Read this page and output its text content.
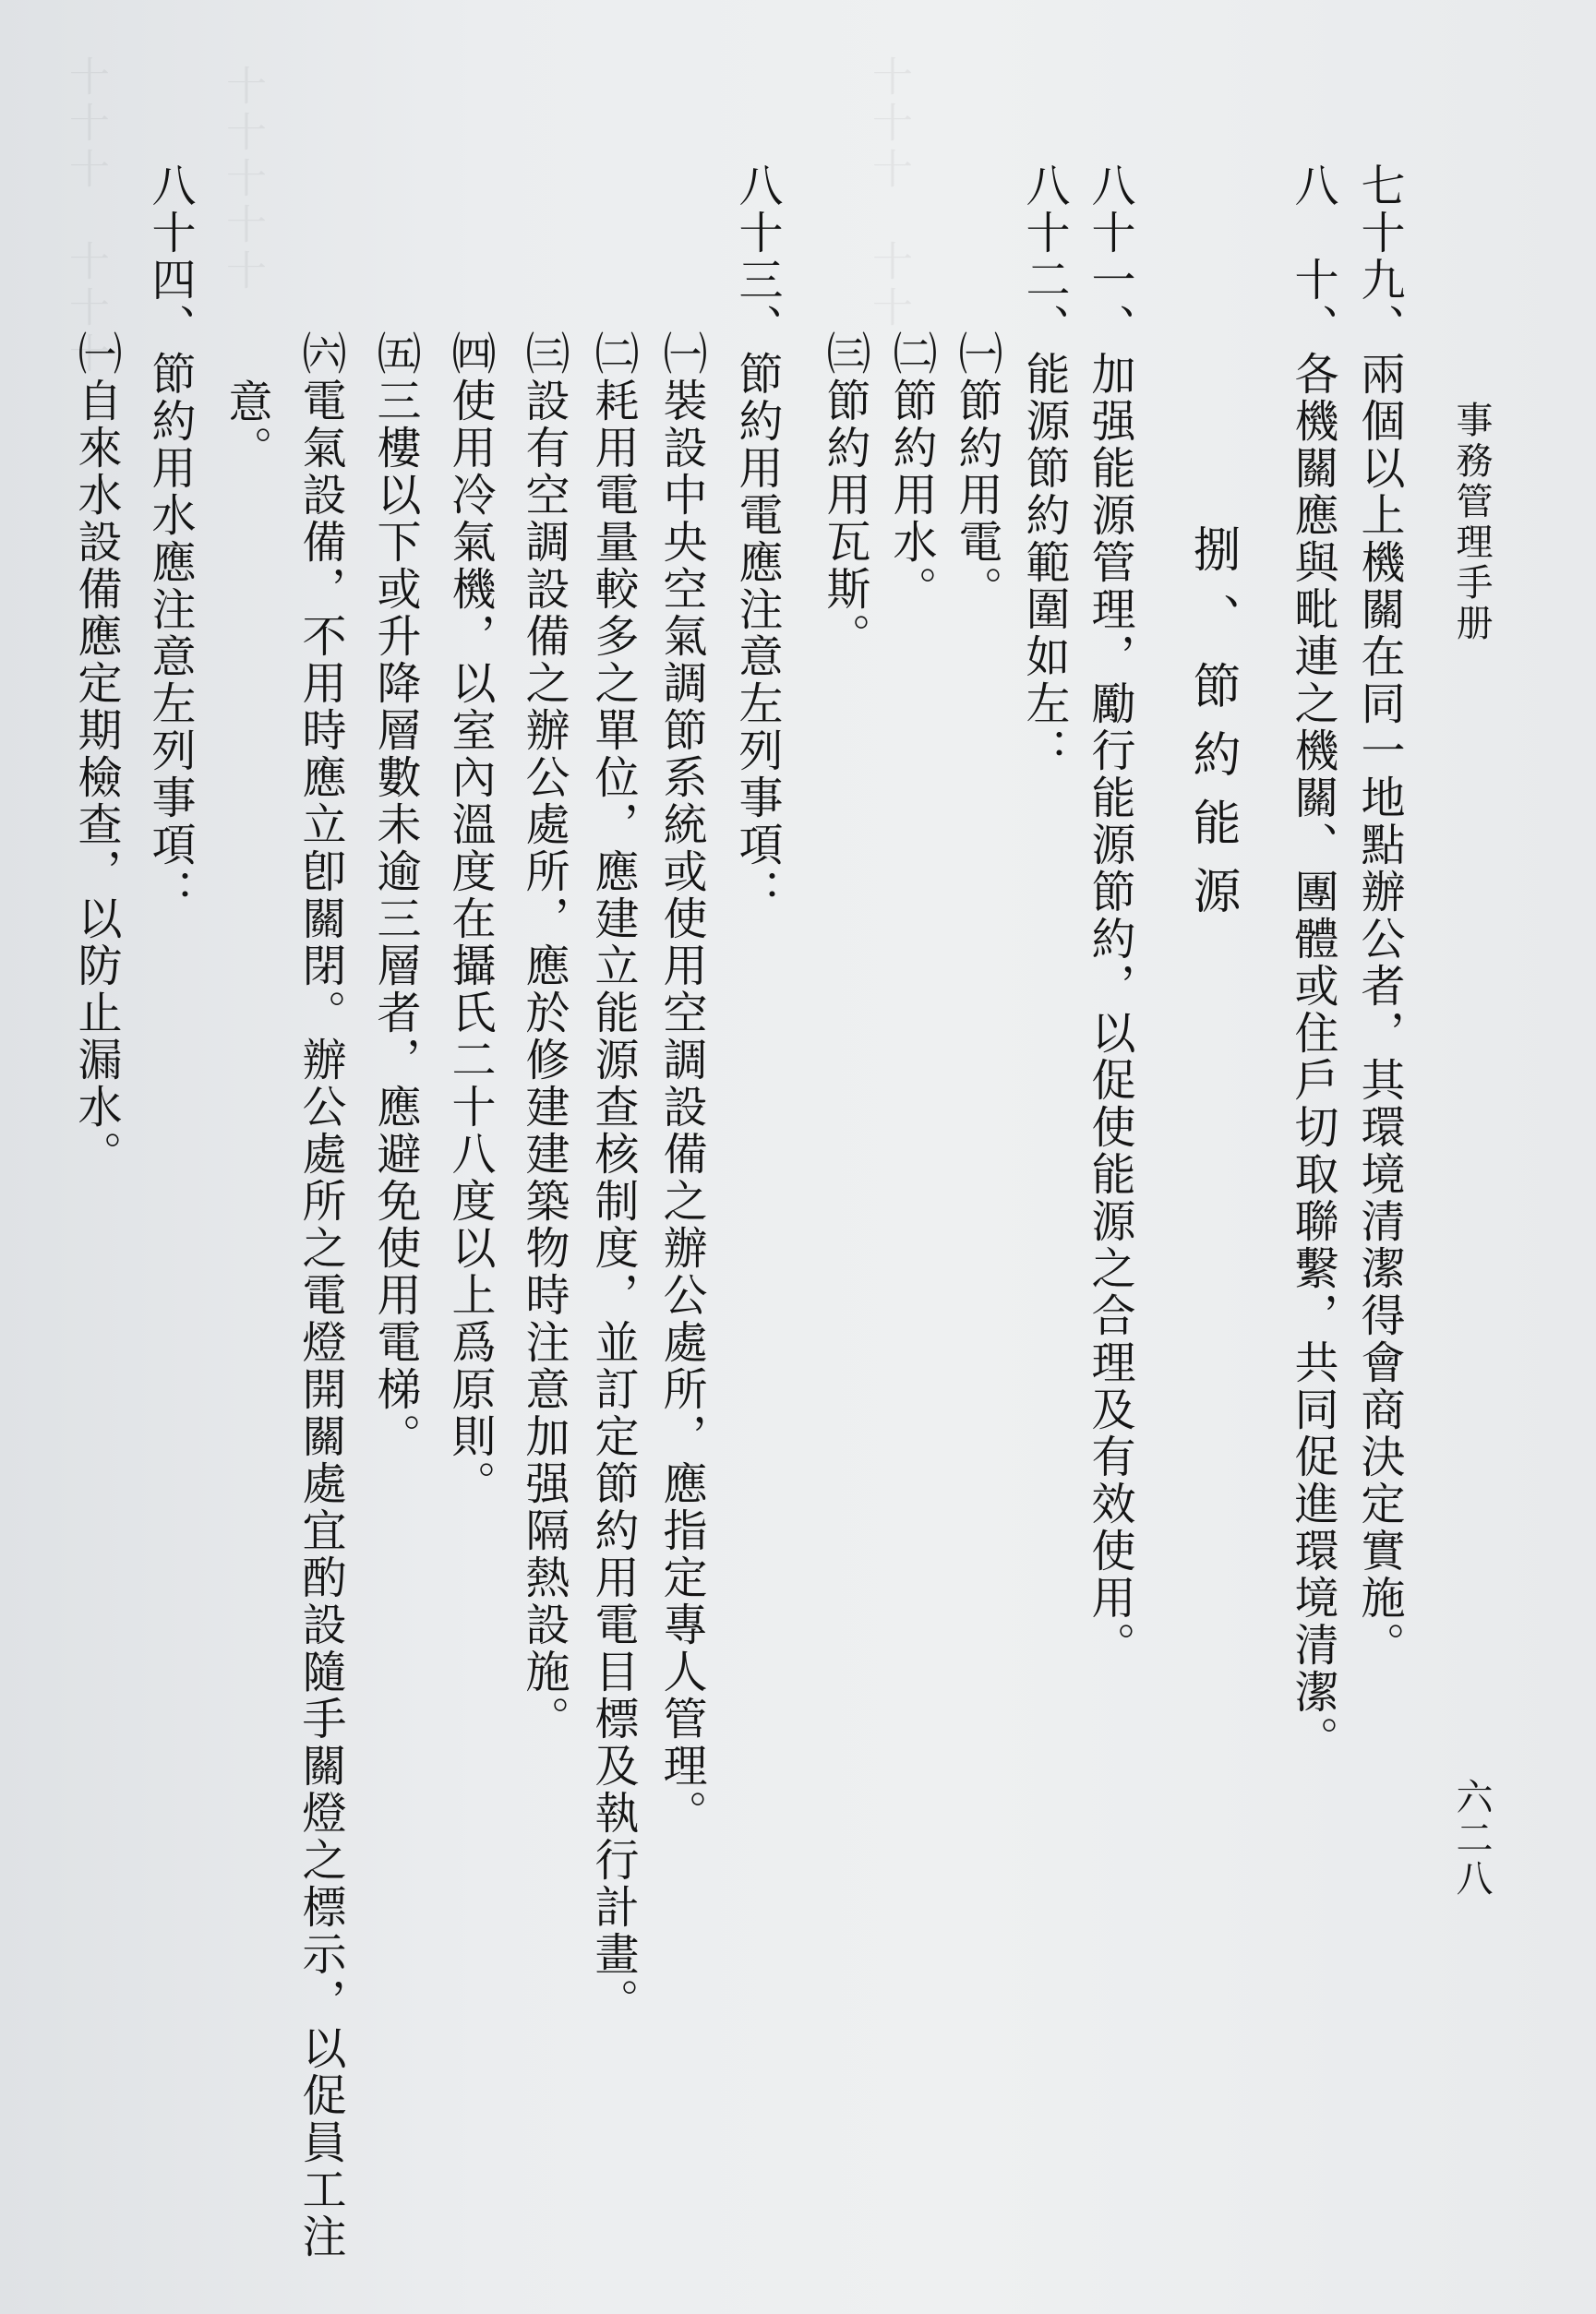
十十十　十十十	十十十十十	十十十　十十
事務管理手册
六二八
七十九、兩個以上機關在同一地點辦公者，其環境清潔得會商決定實施。
八　十、各機關應與毗連之機關、團體或住戶切取聯繫，共同促進環境清潔。
捌、節約能源
八十一、加强能源管理，勵行能源節約，以促使能源之合理及有效使用。
八十二、能源節約範圍如左：
㈠節約用電。
㈡節約用水。
㈢節約用瓦斯。
八十三、節約用電應注意左列事項：
㈠裝設中央空氣調節系統或使用空調設備之辦公處所，應指定專人管理。
㈡耗用電量較多之單位，應建立能源查核制度，並訂定節約用電目標及執行計畫。
㈢設有空調設備之辦公處所，應於修建建築物時注意加强隔熱設施。
㈣使用冷氣機，以室內溫度在攝氏二十八度以上爲原則。
㈤三樓以下或升降層數未逾三層者，應避免使用電梯。
㈥電氣設備，不用時應立卽關閉。辦公處所之電燈開關處宜酌設隨手關燈之標示，以促員工注
意。
八十四、節約用水應注意左列事項：
㈠自來水設備應定期檢查，以防止漏水。
